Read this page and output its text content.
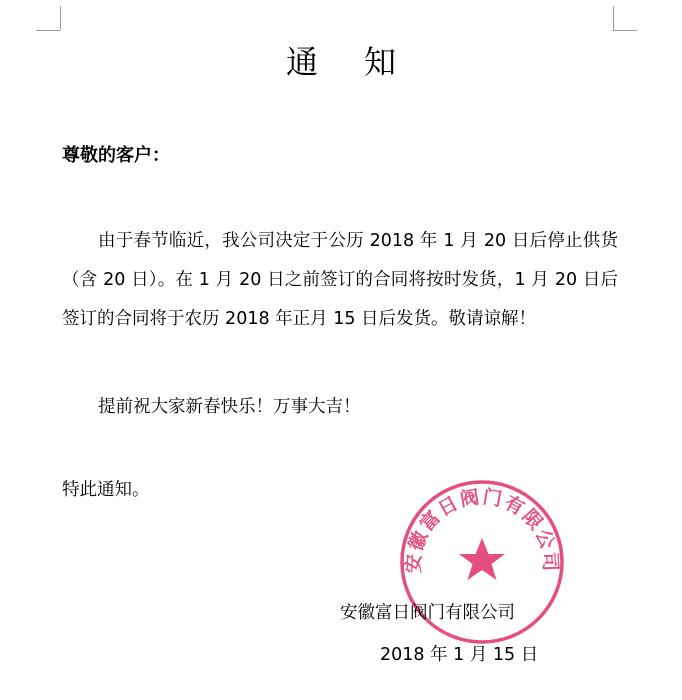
通 知
尊敬的客户：
由于春节临近，我公司决定于公历 2018 年 1 月 20 日后停止供货（含 20 日）。在 1 月 20 日之前签订的合同将按时发货，1 月 20 日后签订的合同将于农历 2018 年正月 15 日后发货。敬请谅解！
提前祝大家新春快乐！万事大吉！
特此通知。
安徽富日阀门有限公司
安徽富日阀门有限公司
2018 年 1 月 15 日
